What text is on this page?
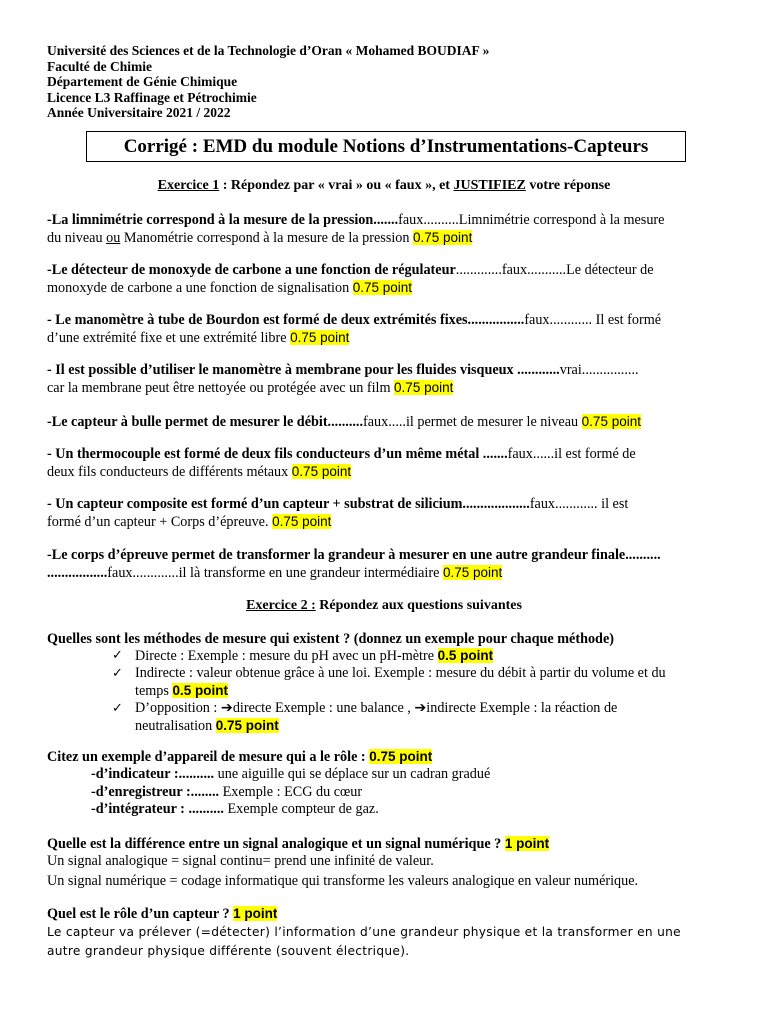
Université des Sciences et de la Technologie d’Oran « Mohamed BOUDIAF »
Faculté de Chimie
Département de Génie Chimique
Licence L3 Raffinage et Pétrochimie
Année Universitaire 2021 / 2022
Corrigé : EMD du module Notions d’Instrumentations-Capteurs
Exercice 1 : Répondez par « vrai » ou « faux », et JUSTIFIEZ votre réponse
-La limnimétrie correspond à la mesure de la pression.......faux..........Limnimétrie correspond à la mesure
du niveau ou Manométrie correspond à la mesure de la pression 0.75 point
-Le détecteur de monoxyde de carbone a une fonction de régulateur.............faux...........Le détecteur de
monoxyde de carbone a une fonction de signalisation 0.75 point
- Le manomètre à tube de Bourdon est formé de deux extrémités fixes................faux............ Il est formé
d’une extrémité fixe et une extrémité libre 0.75 point
- Il est possible d’utiliser le manomètre à membrane pour les fluides visqueux ............vrai................
car la membrane peut être nettoyée ou protégée avec un film 0.75 point
-Le capteur à bulle permet de mesurer le débit..........faux.....il permet de mesurer le niveau 0.75 point
- Un thermocouple est formé de deux fils conducteurs d’un même métal .......faux......il est formé de
deux fils conducteurs de différents métaux 0.75 point
- Un capteur composite est formé d’un capteur + substrat de silicium...................faux............ il est
formé d’un capteur + Corps d’épreuve. 0.75 point
-Le corps d’épreuve permet de transformer la grandeur à mesurer en une autre grandeur finale..........
.................faux.............il là transforme en une grandeur intermédiaire 0.75 point
Exercice 2 : Répondez aux questions suivantes
Quelles sont les méthodes de mesure qui existent ? (donnez un exemple pour chaque méthode)
✓ Directe : Exemple : mesure du pH avec un pH-mètre 0.5 point
✓ Indirecte : valeur obtenue grâce à une loi. Exemple : mesure du débit à partir du volume et du
temps 0.5 point
✓ D’opposition : ➔directe Exemple : une balance , ➔indirecte Exemple : la réaction de
neutralisation 0.75 point
Citez un exemple d’appareil de mesure qui a le rôle : 0.75 point
-d’indicateur :.......... une aiguille qui se déplace sur un cadran gradué
-d’enregistreur :........ Exemple : ECG du cœur
-d’intégrateur : .......... Exemple compteur de gaz.
Quelle est la différence entre un signal analogique et un signal numérique ? 1 point
Un signal analogique = signal continu= prend une infinité de valeur.
Un signal numérique = codage informatique qui transforme les valeurs analogique en valeur numérique.
Quel est le rôle d’un capteur ? 1 point
Le capteur va prélever (=détecter) l’information d’une grandeur physique et la transformer en une
autre grandeur physique différente (souvent électrique).
